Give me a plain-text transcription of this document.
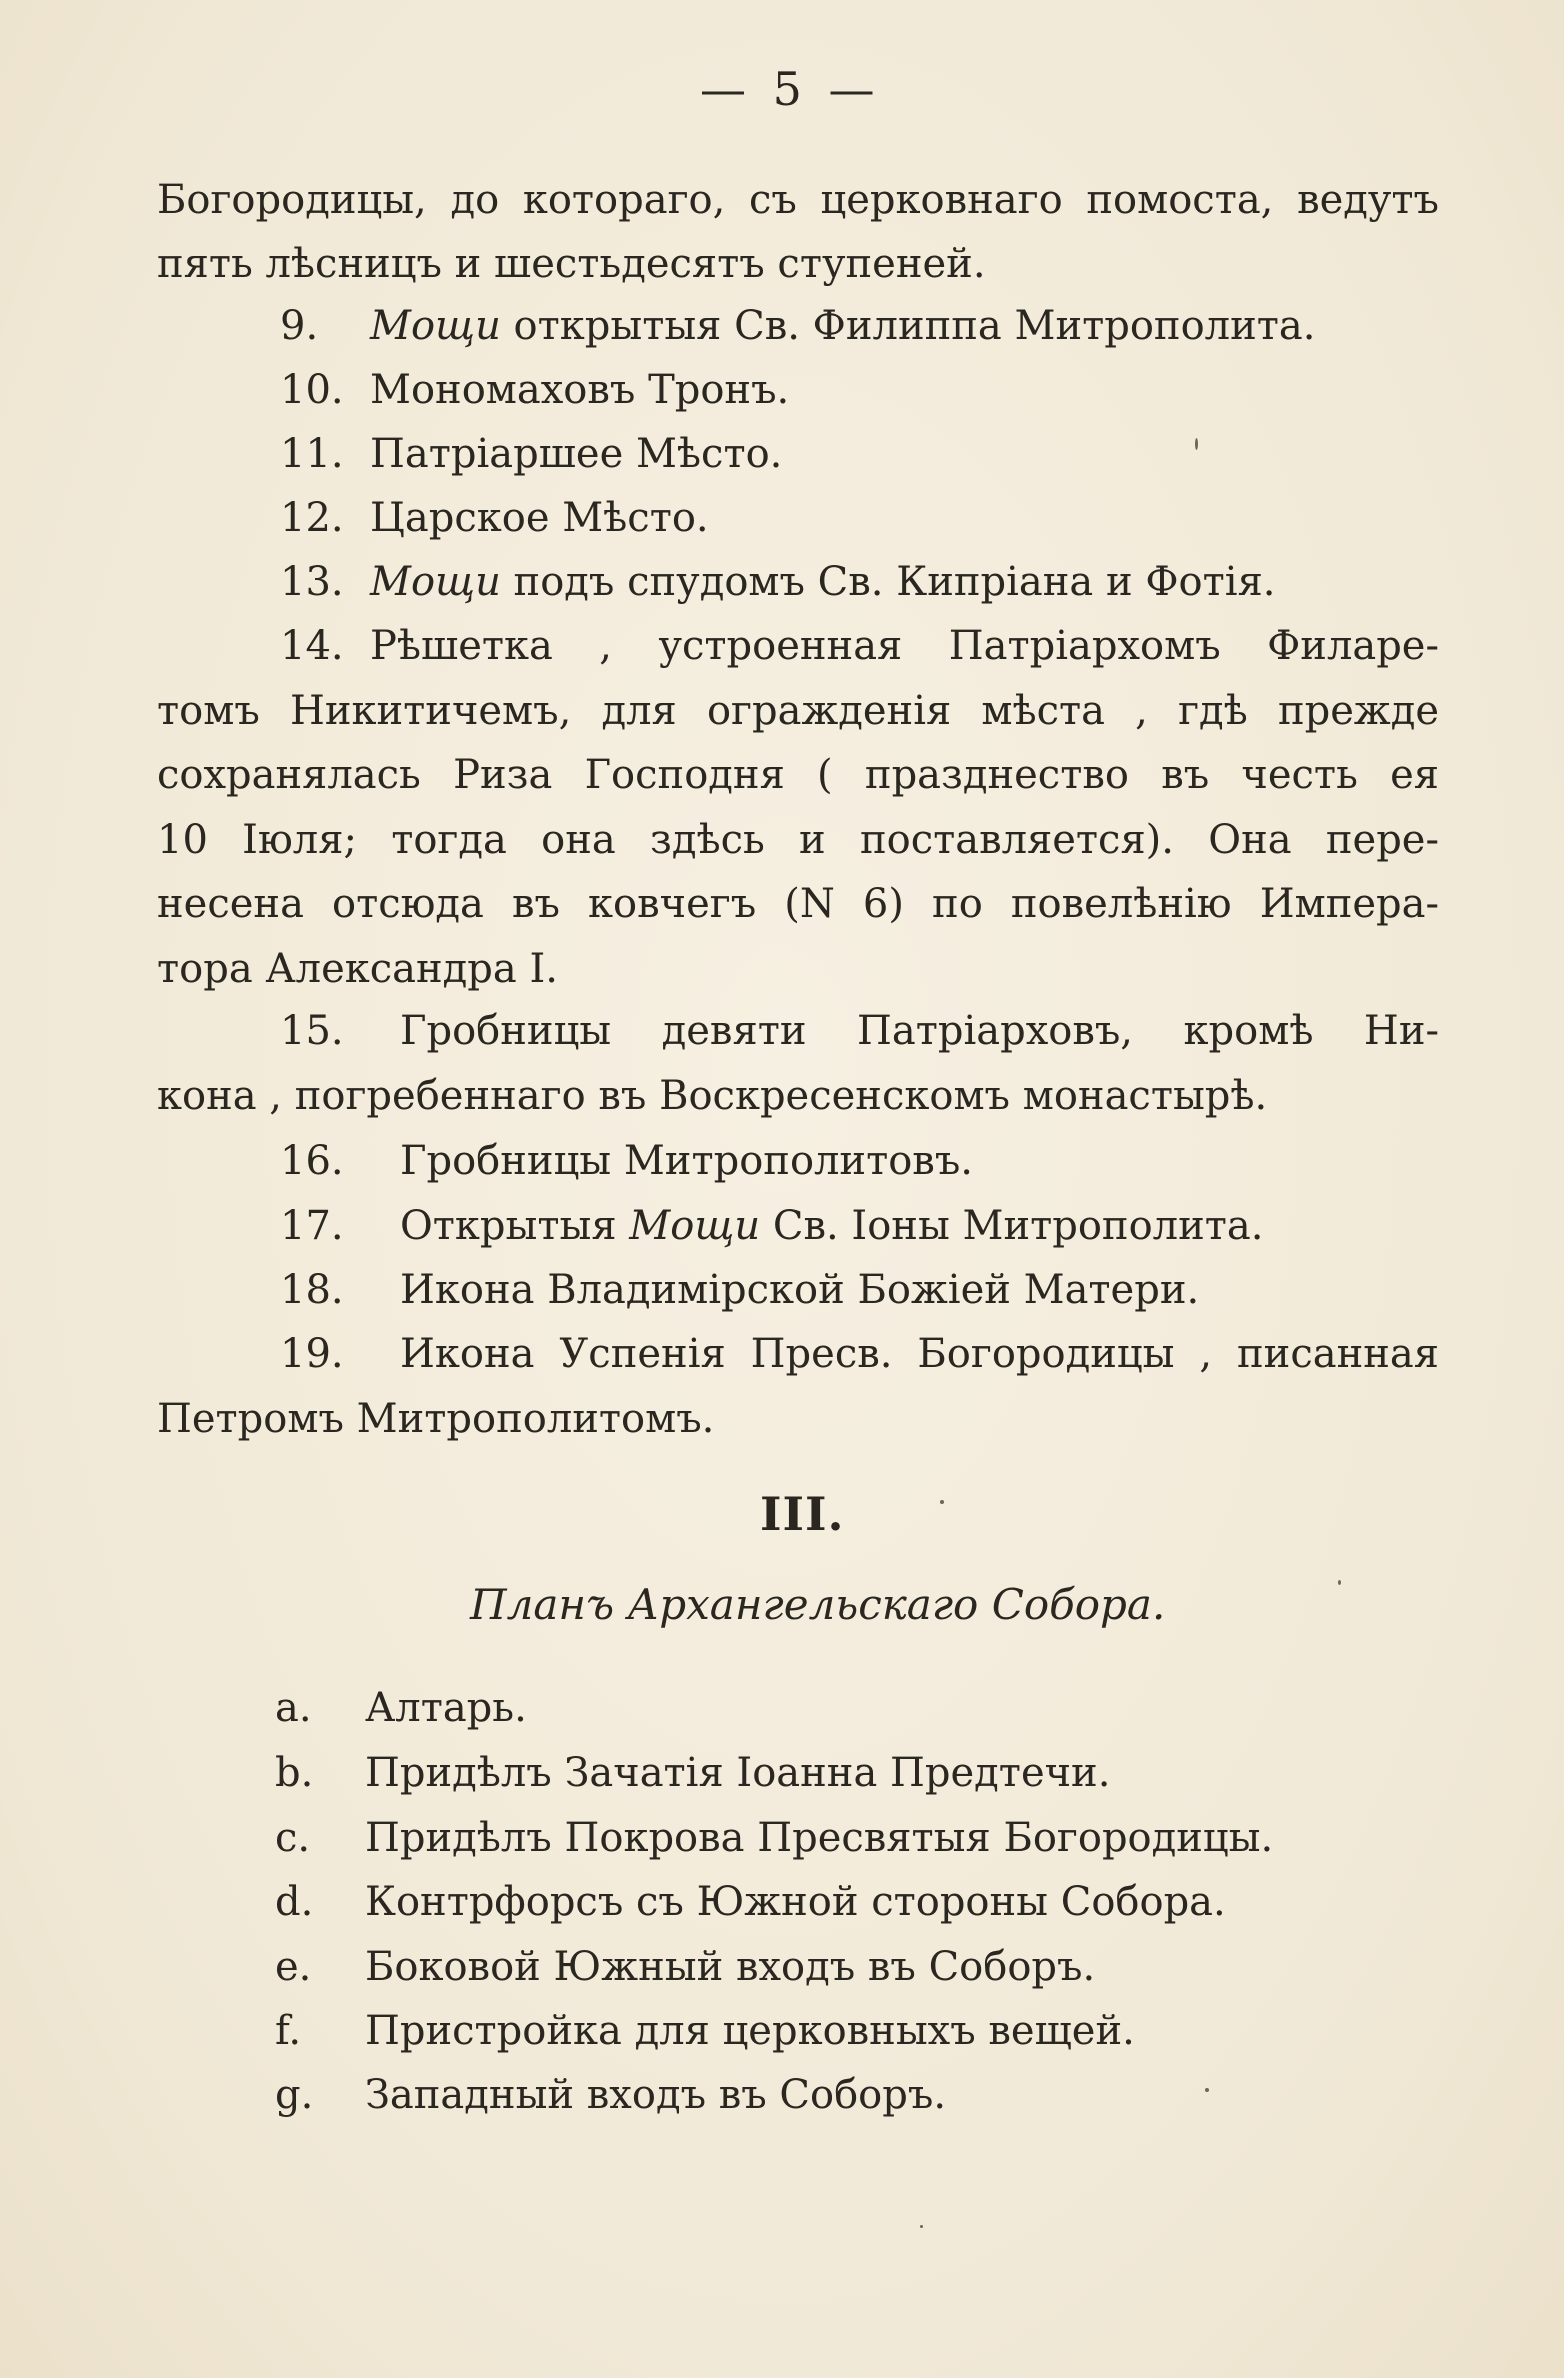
— 5 —
Богородицы, до котораго, съ церковнаго помоста, ведутъ
пять лѣсницъ и шестьдесятъ ступеней.
9. Мощи открытыя Св. Филиппа Митрополита.
10. Мономаховъ Тронъ.
11. Патріаршее Мѣсто.
12. Царское Мѣсто.
13. Мощи подъ спудомъ Св. Кипріана и Фотія.
14. Рѣшетка , устроенная Патріархомъ Филаре-
томъ Никитичемъ, для огражденія мѣста , гдѣ прежде
сохранялась Риза Господня ( празднество въ честь ея
10 Іюля; тогда она здѣсь и поставляется). Она пере-
несена отсюда въ ковчегъ (N 6) по повелѣнію Импера-
тора Александра I.
15. Гробницы девяти Патріарховъ, кромѣ Ни-
кона , погребеннаго въ Воскресенскомъ монастырѣ.
16. Гробницы Митрополитовъ.
17. Открытыя Мощи Св. Іоны Митрополита.
18. Икона Владимірской Божіей Матери.
19. Икона Успенія Пресв. Богородицы , писанная
Петромъ Митрополитомъ.
III.
Планъ Архангельскаго Собора.
a. Алтарь.
b. Придѣлъ Зачатія Іоанна Предтечи.
c. Придѣлъ Покрова Пресвятыя Богородицы.
d. Контрфорсъ съ Южной стороны Собора.
e. Боковой Южный входъ въ Соборъ.
f. Пристройка для церковныхъ вещей.
g. Западный входъ въ Соборъ.
